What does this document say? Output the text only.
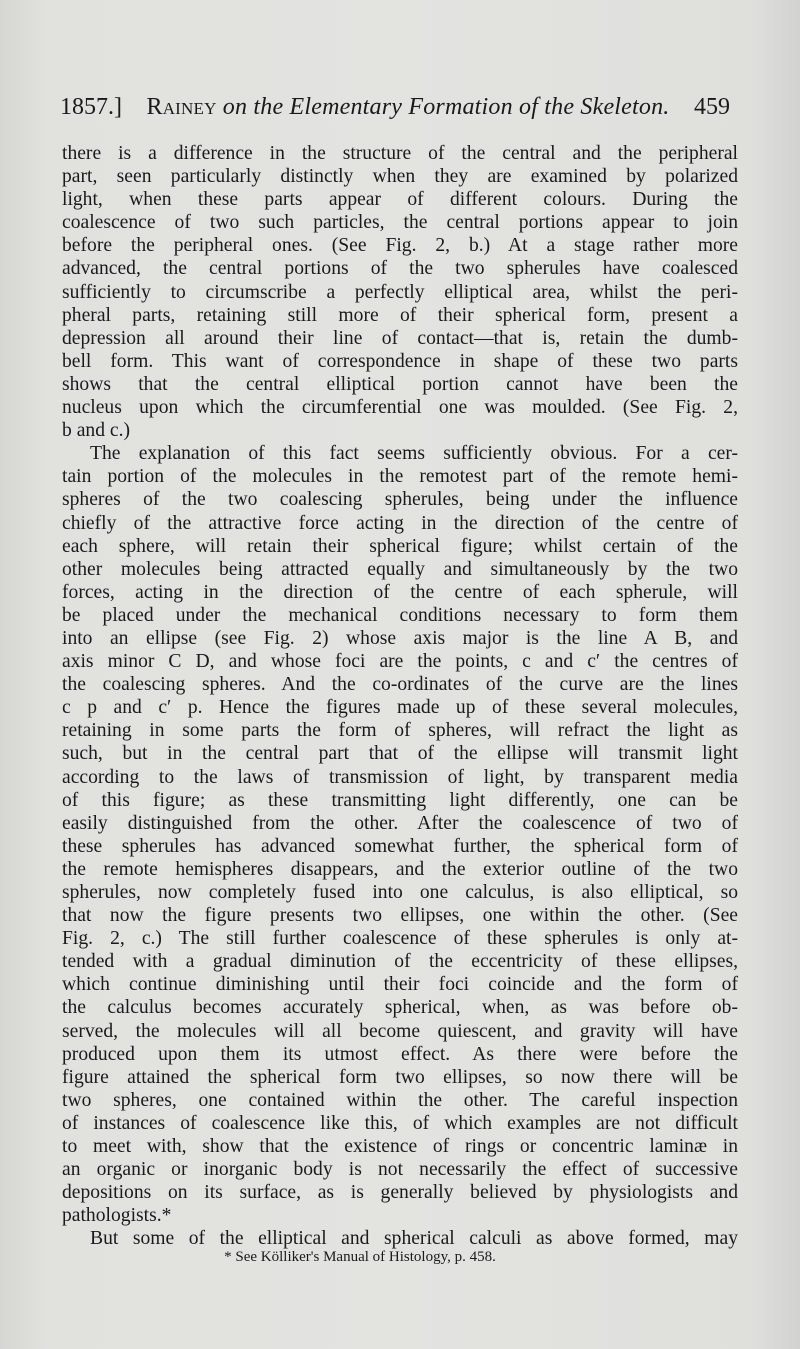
1857.] Rainey on the Elementary Formation of the Skeleton. 459
there is a difference in the structure of the central and the peripheral
part, seen particularly distinctly when they are examined by polarized
light, when these parts appear of different colours. During the
coalescence of two such particles, the central portions appear to join
before the peripheral ones. (See Fig. 2, b.) At a stage rather more
advanced, the central portions of the two spherules have coalesced
sufficiently to circumscribe a perfectly elliptical area, whilst the peri-
pheral parts, retaining still more of their spherical form, present a
depression all around their line of contact—that is, retain the dumb-
bell form. This want of correspondence in shape of these two parts
shows that the central elliptical portion cannot have been the
nucleus upon which the circumferential one was moulded. (See Fig. 2,
b and c.)
The explanation of this fact seems sufficiently obvious. For a cer-
tain portion of the molecules in the remotest part of the remote hemi-
spheres of the two coalescing spherules, being under the influence
chiefly of the attractive force acting in the direction of the centre of
each sphere, will retain their spherical figure; whilst certain of the
other molecules being attracted equally and simultaneously by the two
forces, acting in the direction of the centre of each spherule, will
be placed under the mechanical conditions necessary to form them
into an ellipse (see Fig. 2) whose axis major is the line A B, and
axis minor C D, and whose foci are the points, c and c′ the centres of
the coalescing spheres. And the co-ordinates of the curve are the lines
c p and c′ p. Hence the figures made up of these several molecules,
retaining in some parts the form of spheres, will refract the light as
such, but in the central part that of the ellipse will transmit light
according to the laws of transmission of light, by transparent media
of this figure; as these transmitting light differently, one can be
easily distinguished from the other. After the coalescence of two of
these spherules has advanced somewhat further, the spherical form of
the remote hemispheres disappears, and the exterior outline of the two
spherules, now completely fused into one calculus, is also elliptical, so
that now the figure presents two ellipses, one within the other. (See
Fig. 2, c.) The still further coalescence of these spherules is only at-
tended with a gradual diminution of the eccentricity of these ellipses,
which continue diminishing until their foci coincide and the form of
the calculus becomes accurately spherical, when, as was before ob-
served, the molecules will all become quiescent, and gravity will have
produced upon them its utmost effect. As there were before the
figure attained the spherical form two ellipses, so now there will be
two spheres, one contained within the other. The careful inspection
of instances of coalescence like this, of which examples are not difficult
to meet with, show that the existence of rings or concentric laminæ in
an organic or inorganic body is not necessarily the effect of successive
depositions on its surface, as is generally believed by physiologists and
pathologists.*
But some of the elliptical and spherical calculi as above formed, may
* See Kölliker's Manual of Histology, p. 458.
